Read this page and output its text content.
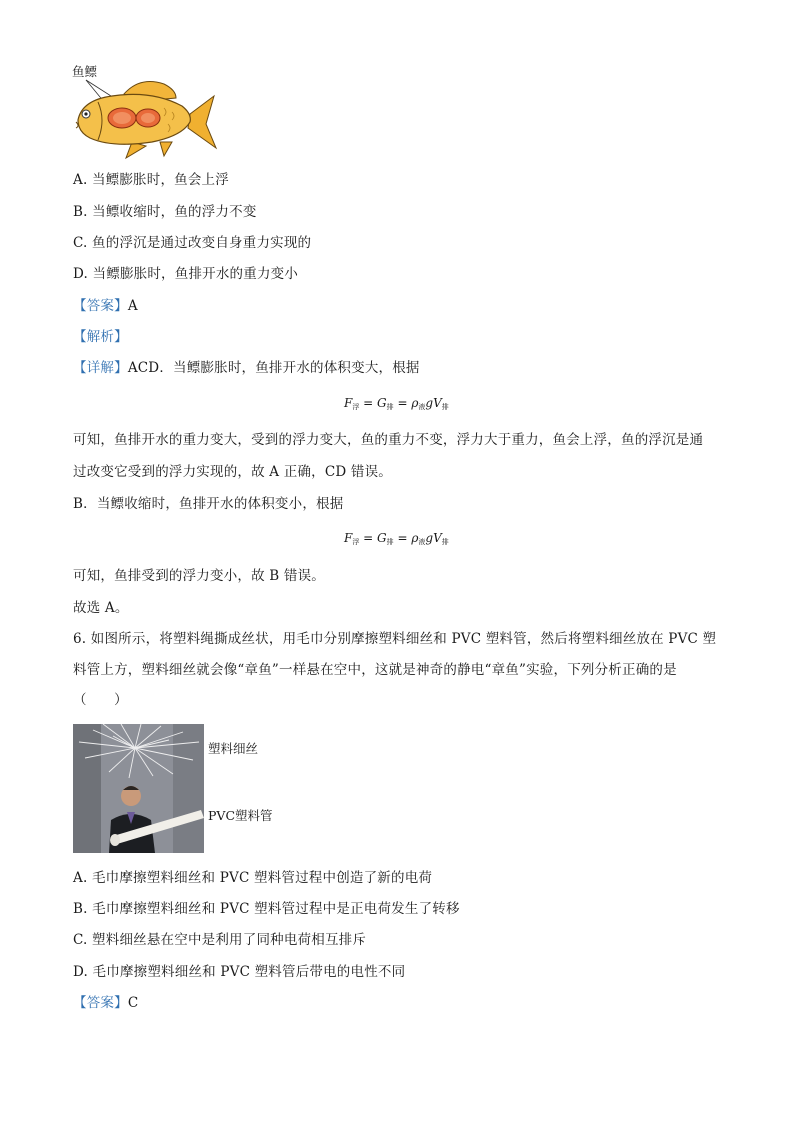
鱼鳔
A. 当鳔膨胀时，鱼会上浮
B. 当鳔收缩时，鱼的浮力不变
C. 鱼的浮沉是通过改变自身重力实现的
D. 当鳔膨胀时，鱼排开水的重力变小
【答案】A
【解析】
【详解】ACD．当鳔膨胀时，鱼排开水的体积变大，根据
$F_浮 = G_排 = \rho_液gV_排$
可知，鱼排开水的重力变大，受到的浮力变大，鱼的重力不变，浮力大于重力，鱼会上浮，鱼的浮沉是通
过改变它受到的浮力实现的，故 A 正确，CD 错误。
B．当鳔收缩时，鱼排开水的体积变小，根据
$F_浮 = G_排 = \rho_液gV_排$
可知，鱼排受到的浮力变小，故 B 错误。
故选 A。
6. 如图所示，将塑料绳撕成丝状，用毛巾分别摩擦塑料细丝和 PVC 塑料管，然后将塑料细丝放在 PVC 塑
料管上方，塑料细丝就会像“章鱼”一样悬在空中，这就是神奇的静电“章鱼”实验，下列分析正确的是
（　　）
塑料细丝
PVC塑料管
A. 毛巾摩擦塑料细丝和 PVC 塑料管过程中创造了新的电荷
B. 毛巾摩擦塑料细丝和 PVC 塑料管过程中是正电荷发生了转移
C. 塑料细丝悬在空中是利用了同种电荷相互排斥
D. 毛巾摩擦塑料细丝和 PVC 塑料管后带电的电性不同
【答案】C
